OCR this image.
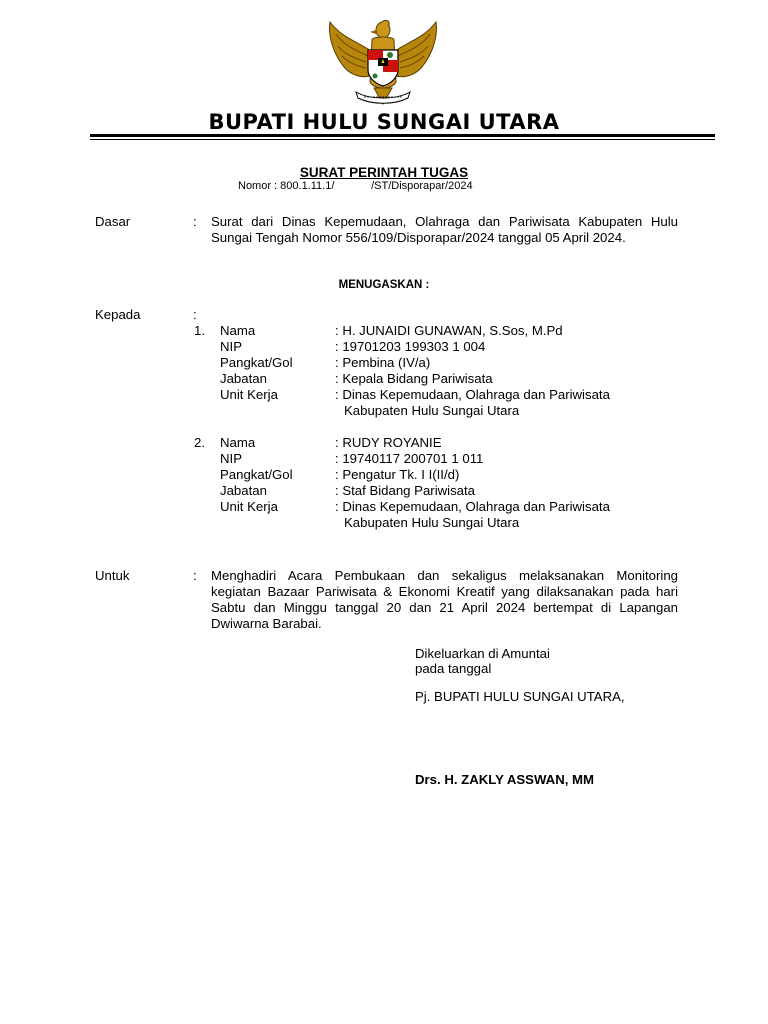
BUPATI HULU SUNGAI UTARA
SURAT PERINTAH TUGAS
Nomor : 800.1.11.1/            /ST/Disporapar/2024
Dasar	: Surat dari Dinas Kepemudaan, Olahraga dan Pariwisata Kabupaten Hulu Sungai Tengah Nomor 556/109/Disporapar/2024 tanggal 05 April 2024.
MENUGASKAN :
Kepada	:
1. Nama	: H. JUNAIDI GUNAWAN, S.Sos, M.Pd
NIP	: 19701203 199303 1 004
Pangkat/Gol	: Pembina (IV/a)
Jabatan	: Kepala Bidang Pariwisata
Unit Kerja	: Dinas Kepemudaan, Olahraga dan Pariwisata
Kabupaten Hulu Sungai Utara
2. Nama	: RUDY ROYANIE
NIP	: 19740117 200701 1 011
Pangkat/Gol	: Pengatur Tk. I I(II/d)
Jabatan	: Staf Bidang Pariwisata
Unit Kerja	: Dinas Kepemudaan, Olahraga dan Pariwisata
Kabupaten Hulu Sungai Utara
Untuk	: Menghadiri Acara Pembukaan dan sekaligus melaksanakan Monitoring kegiatan Bazaar Pariwisata & Ekonomi Kreatif yang dilaksanakan pada hari Sabtu dan Minggu tanggal 20 dan 21 April 2024 bertempat di Lapangan Dwiwarna Barabai.
Dikeluarkan di Amuntai
pada tanggal
Pj. BUPATI HULU SUNGAI UTARA,
Drs. H. ZAKLY ASSWAN, MM
